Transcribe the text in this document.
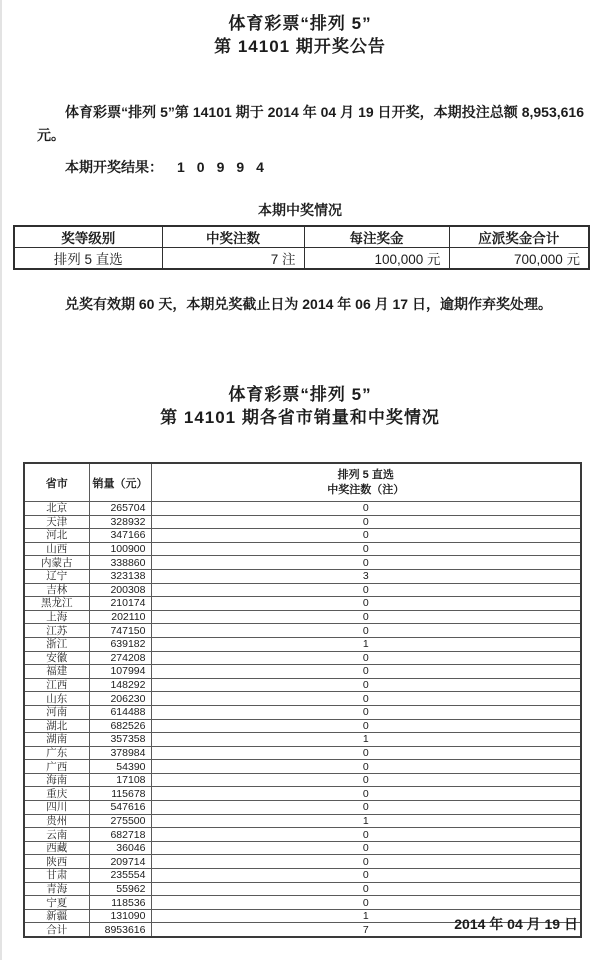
体育彩票“排列 5”
第 14101 期开奖公告
体育彩票“排列 5”第 14101 期于 2014 年 04 月 19 日开奖，本期投注总额 8,953,616 元。
本期开奖结果： 10994
本期中奖情况
奖等级别	中奖注数	每注奖金	应派奖金合计
排列 5 直选	7 注	100,000 元	700,000 元
兑奖有效期 60 天，本期兑奖截止日为 2014 年 06 月 17 日，逾期作弃奖处理。
体育彩票“排列 5”
第 14101 期各省市销量和中奖情况
省市	销量（元）	排列 5 直选
中奖注数（注）

北京	265704	0
天津	328932	0
河北	347166	0
山西	100900	0
内蒙古	338860	0
辽宁	323138	3
吉林	200308	0
黑龙江	210174	0
上海	202110	0
江苏	747150	0
浙江	639182	1
安徽	274208	0
福建	107994	0
江西	148292	0
山东	206230	0
河南	614488	0
湖北	682526	0
湖南	357358	1
广东	378984	0
广西	54390	0
海南	17108	0
重庆	115678	0
四川	547616	0
贵州	275500	1
云南	682718	0
西藏	36046	0
陕西	209714	0
甘肃	235554	0
青海	55962	0
宁夏	118536	0
新疆	131090	1
合计	8953616	7	2014 年 04 月 19 日
